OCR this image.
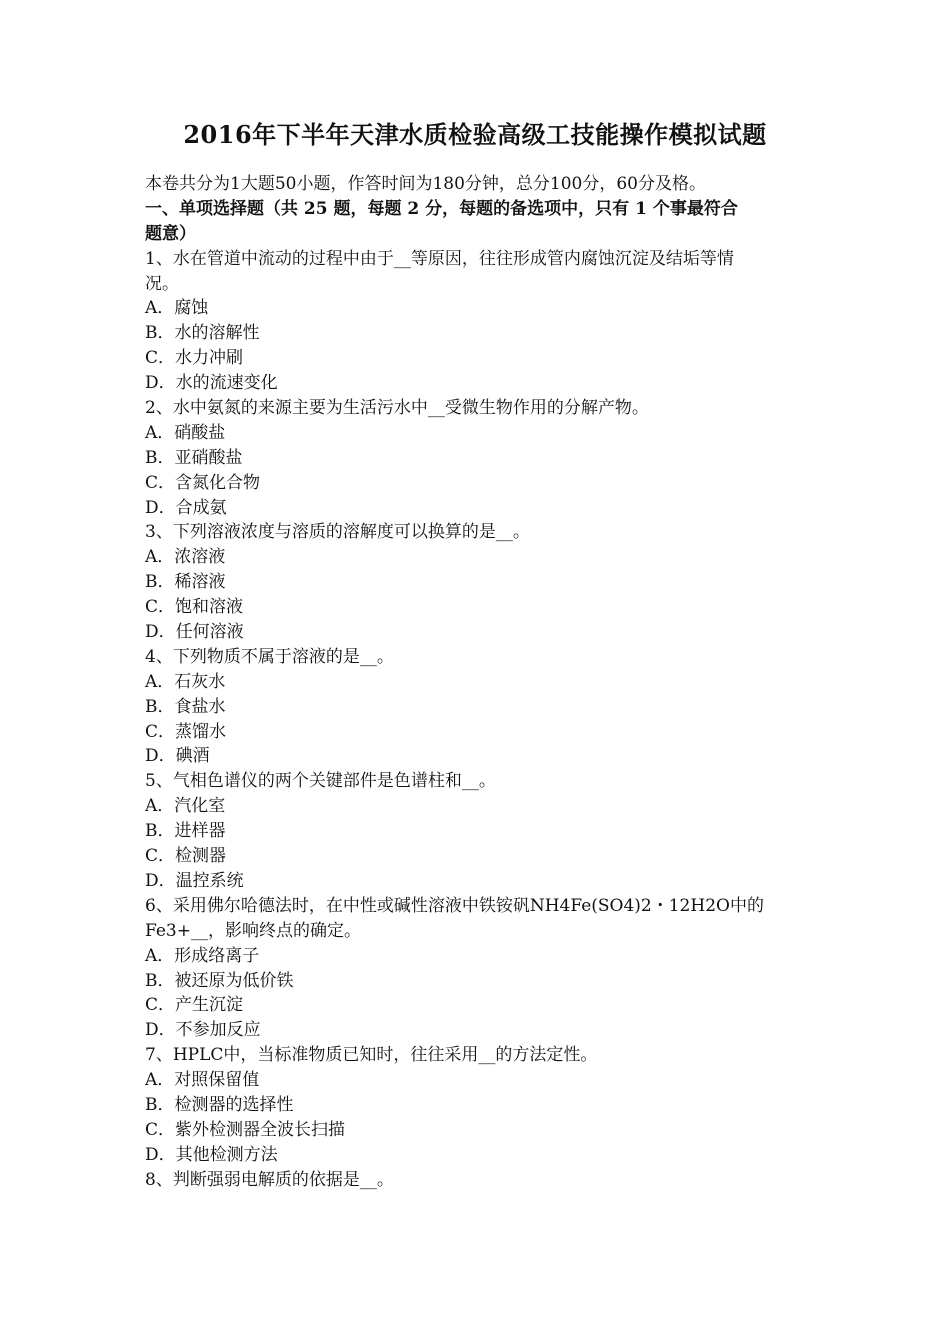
2016年下半年天津水质检验高级工技能操作模拟试题
本卷共分为1大题50小题，作答时间为180分钟，总分100分，60分及格。
一、单项选择题（共 25 题，每题 2 分，每题的备选项中，只有 1 个事最符合
题意）
1、水在管道中流动的过程中由于__等原因，往往形成管内腐蚀沉淀及结垢等情
况。
A．腐蚀
B．水的溶解性
C．水力冲刷
D．水的流速变化
2、水中氨氮的来源主要为生活污水中__受微生物作用的分解产物。
A．硝酸盐
B．亚硝酸盐
C．含氮化合物
D．合成氨
3、下列溶液浓度与溶质的溶解度可以换算的是__。
A．浓溶液
B．稀溶液
C．饱和溶液
D．任何溶液
4、下列物质不属于溶液的是__。
A．石灰水
B．食盐水
C．蒸馏水
D．碘酒
5、气相色谱仪的两个关键部件是色谱柱和__。
A．汽化室
B．进样器
C．检测器
D．温控系统
6、采用佛尔哈德法时，在中性或碱性溶液中铁铵矾NH4Fe(SO4)2・12H2O中的
Fe3+__，影响终点的确定。
A．形成络离子
B．被还原为低价铁
C．产生沉淀
D．不参加反应
7、HPLC中，当标准物质已知时，往往采用__的方法定性。
A．对照保留值
B．检测器的选择性
C．紫外检测器全波长扫描
D．其他检测方法
8、判断强弱电解质的依据是__。
